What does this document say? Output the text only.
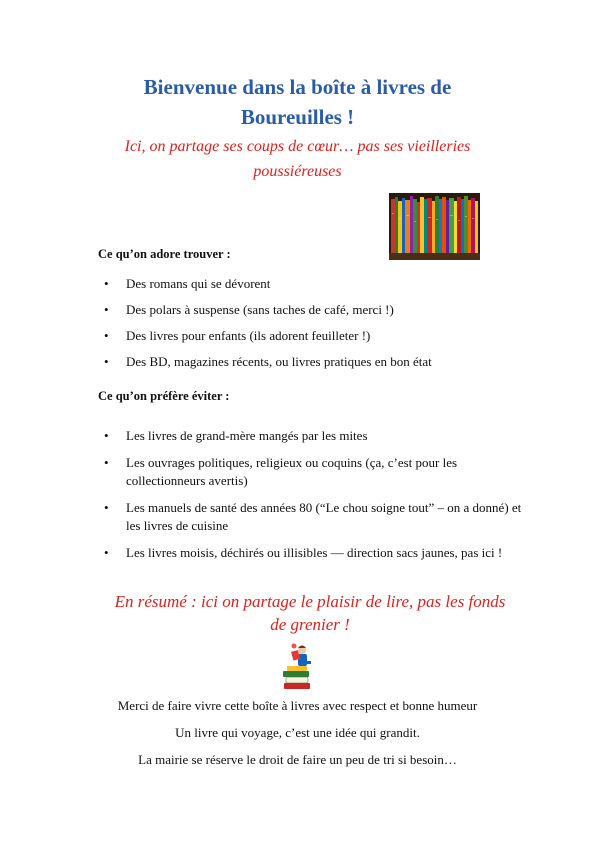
Bienvenue dans la boîte à livres de
Boureuilles !

Ici, on partage ses coups de cœur… pas ses vieilleries
poussiéreuses

Ce qu’on adore trouver :

• Des romans qui se dévorent
• Des polars à suspense (sans taches de café, merci !)
• Des livres pour enfants (ils adorent feuilleter !)
• Des BD, magazines récents, ou livres pratiques en bon état

Ce qu’on préfère éviter :

• Les livres de grand-mère mangés par les mites
• Les ouvrages politiques, religieux ou coquins (ça, c’est pour les collectionneurs avertis)
• Les manuels de santé des années 80 (“Le chou soigne tout” – on a donné) et les livres de cuisine
• Les livres moisis, déchirés ou illisibles — direction sacs jaunes, pas ici !

En résumé : ici on partage le plaisir de lire, pas les fonds
de grenier !

Merci de faire vivre cette boîte à livres avec respect et bonne humeur

Un livre qui voyage, c’est une idée qui grandit.

La mairie se réserve le droit de faire un peu de tri si besoin…
